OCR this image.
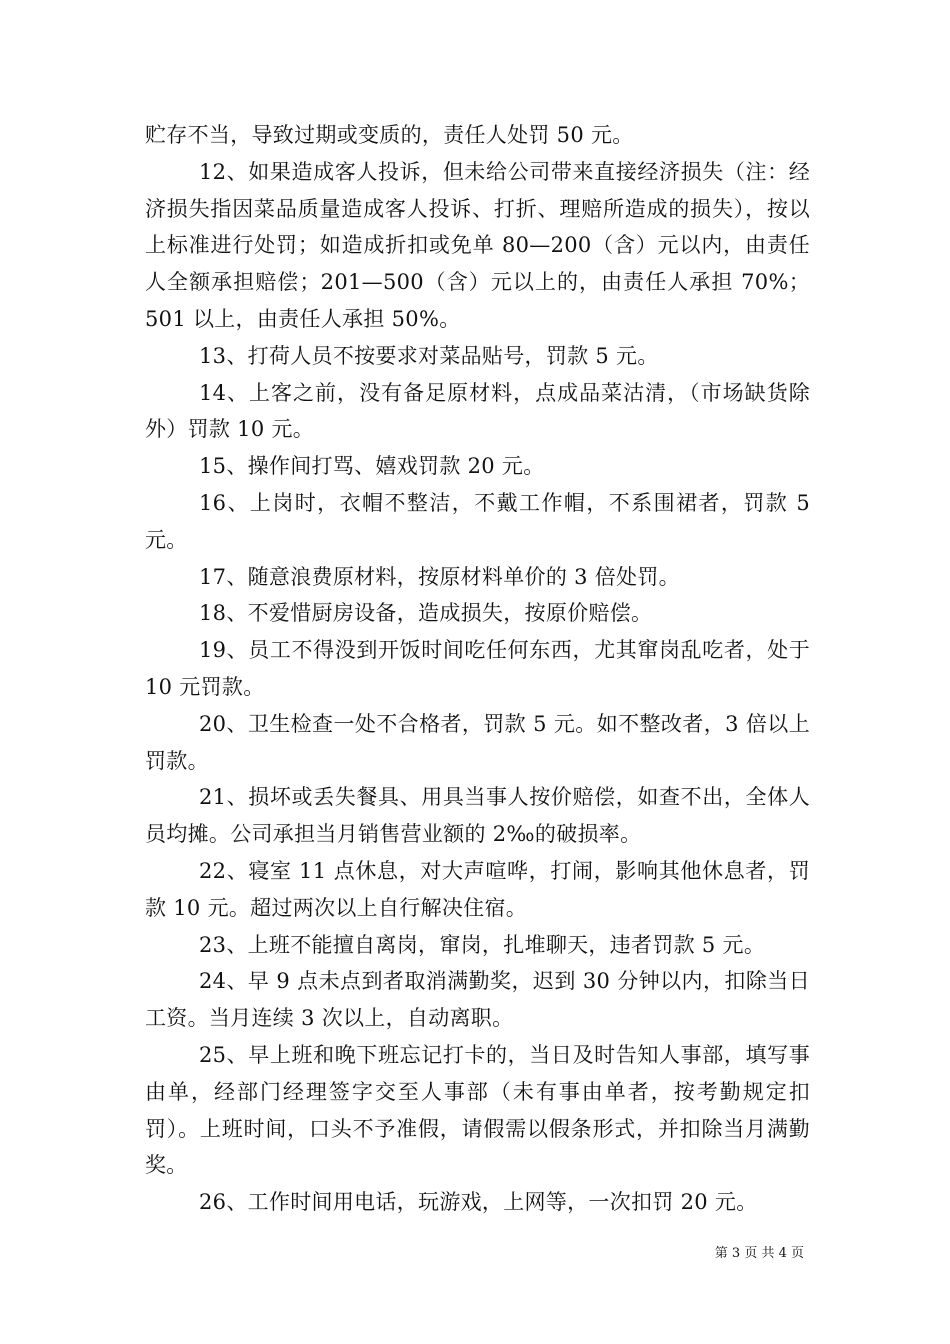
贮存不当，导致过期或变质的，责任人处罚 50 元。

12、如果造成客人投诉，但未给公司带来直接经济损失（注：经济损失指因菜品质量造成客人投诉、打折、理赔所造成的损失），按以上标准进行处罚；如造成折扣或免单 80—200（含）元以内，由责任人全额承担赔偿；201—500（含）元以上的，由责任人承担 70%；501 以上，由责任人承担 50%。

13、打荷人员不按要求对菜品贴号，罚款 5 元。

14、上客之前，没有备足原材料，点成品菜沽清，（市场缺货除外）罚款 10 元。

15、操作间打骂、嬉戏罚款 20 元。

16、上岗时，衣帽不整洁，不戴工作帽，不系围裙者，罚款 5 元。

17、随意浪费原材料，按原材料单价的 3 倍处罚。

18、不爱惜厨房设备，造成损失，按原价赔偿。

19、员工不得没到开饭时间吃任何东西，尤其窜岗乱吃者，处于 10 元罚款。

20、卫生检查一处不合格者，罚款 5 元。如不整改者，3 倍以上罚款。

21、损坏或丢失餐具、用具当事人按价赔偿，如查不出，全体人员均摊。公司承担当月销售营业额的 2‰的破损率。

22、寝室 11 点休息，对大声喧哗，打闹，影响其他休息者，罚款 10 元。超过两次以上自行解决住宿。

23、上班不能擅自离岗，窜岗，扎堆聊天，违者罚款 5 元。

24、早 9 点未点到者取消满勤奖，迟到 30 分钟以内，扣除当日工资。当月连续 3 次以上，自动离职。

25、早上班和晚下班忘记打卡的，当日及时告知人事部，填写事由单，经部门经理签字交至人事部（未有事由单者，按考勤规定扣罚）。上班时间，口头不予准假，请假需以假条形式，并扣除当月满勤奖。

26、工作时间用电话，玩游戏，上网等，一次扣罚 20 元。

第 3 页 共 4 页
